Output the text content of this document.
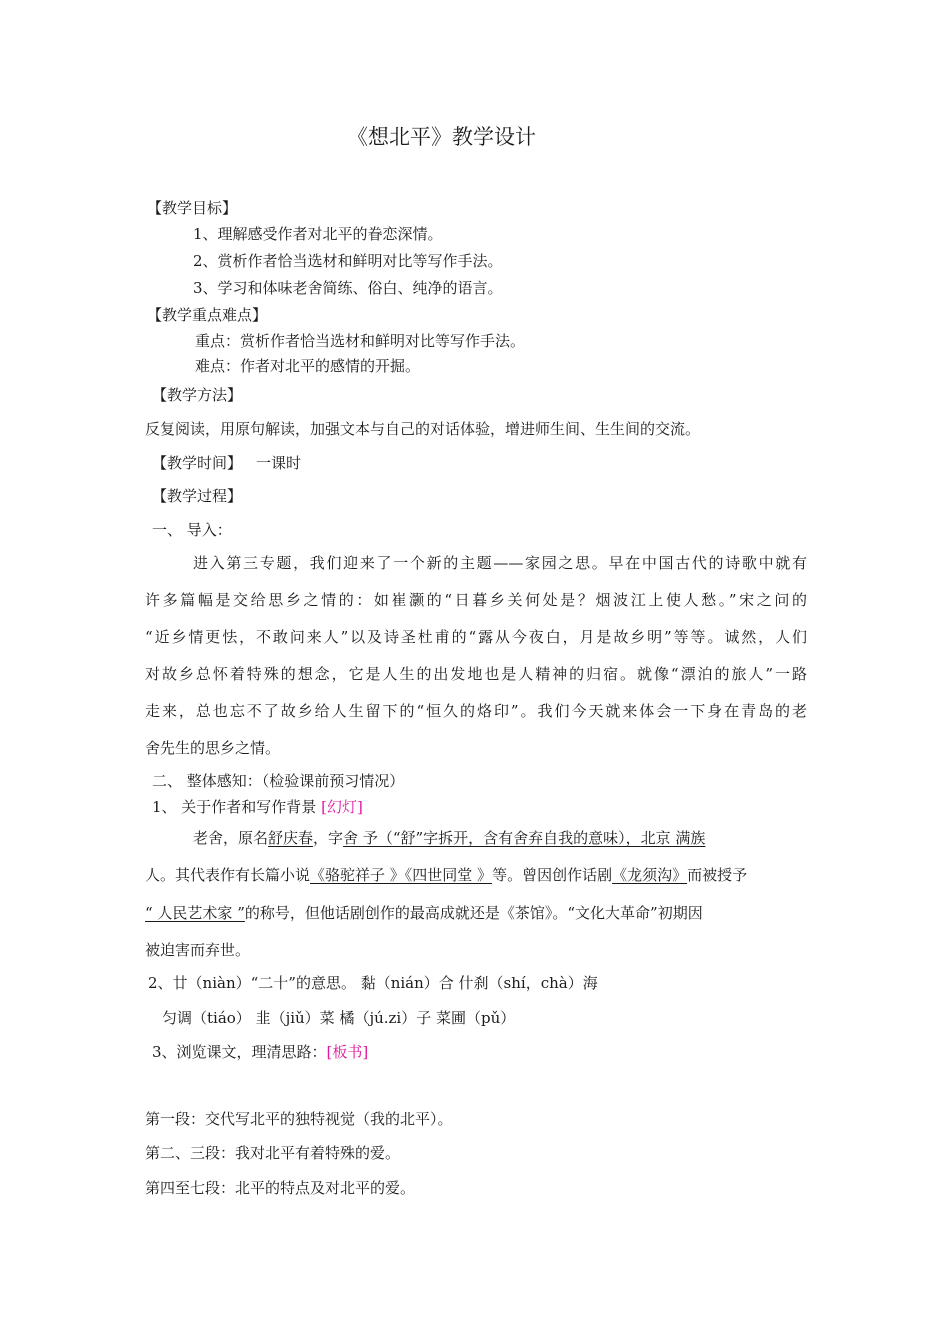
《想北平》教学设计
【教学目标】
1、理解感受作者对北平的眷恋深情。
2、赏析作者恰当选材和鲜明对比等写作手法。
3、学习和体味老舍简练、俗白、纯净的语言。
【教学重点难点】
重点：赏析作者恰当选材和鲜明对比等写作手法。
难点：作者对北平的感情的开掘。
【教学方法】
反复阅读，用原句解读，加强文本与自己的对话体验，增进师生间、生生间的交流。
【教学时间】 一课时
【教学过程】
一、 导入：
进入第三专题，我们迎来了一个新的主题——家园之思。早在中国古代的诗歌中就有
许多篇幅是交给思乡之情的：如崔灏的“日暮乡关何处是？烟波江上使人愁。”宋之问的
“近乡情更怯，不敢问来人”以及诗圣杜甫的“露从今夜白，月是故乡明”等等。诚然，人们
对故乡总怀着特殊的想念，它是人生的出发地也是人精神的归宿。就像“漂泊的旅人”一路
走来，总也忘不了故乡给人生留下的“恒久的烙印”。我们今天就来体会一下身在青岛的老
舍先生的思乡之情。
二、 整体感知：（检验课前预习情况）
1、 关于作者和写作背景 [幻灯]
老舍，原名舒庆春，字舍 予（“舒”字拆开，含有舍弃自我的意味），北京 满族
人。其代表作有长篇小说《骆驼祥子 》《四世同堂 》等。曾因创作话剧《龙须沟》而被授予
“ 人民艺术家 ”的称号，但他话剧创作的最高成就还是《茶馆》。“文化大革命”初期因
被迫害而弃世。
2、廿（niàn）“二十”的意思。 黏（nián）合 什刹（shí，chà）海
匀调（tiáo） 韭（jiǔ）菜 橘（jú.zi）子 菜圃（pǔ）
3、浏览课文，理清思路：[板书]
第一段：交代写北平的独特视觉（我的北平）。
第二、三段：我对北平有着特殊的爱。
第四至七段：北平的特点及对北平的爱。
